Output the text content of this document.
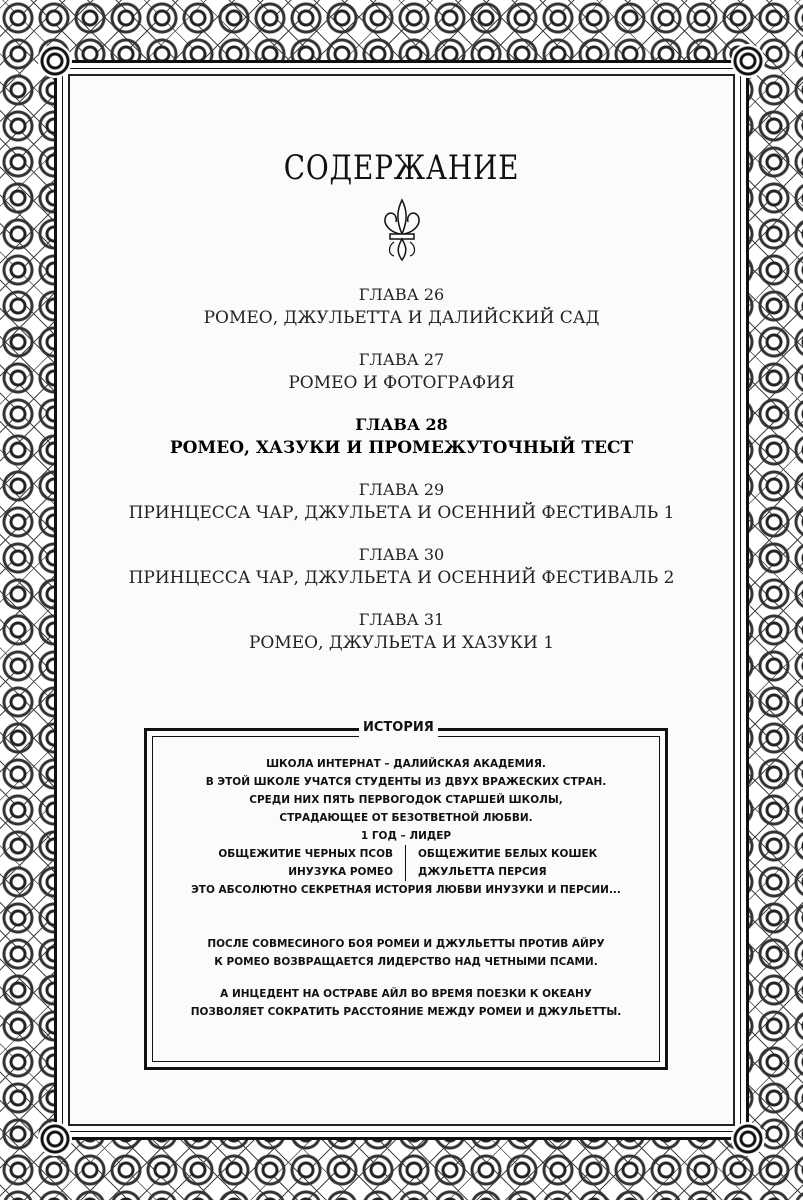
СОДЕРЖАНИЕ
ГЛАВА 26
РОМЕО, ДЖУЛЬЕТТА И ДАЛИЙСКИЙ САД
ГЛАВА 27
РОМЕО И ФОТОГРАФИЯ
ГЛАВА 28
РОМЕО, ХАЗУКИ И ПРОМЕЖУТОЧНЫЙ ТЕСТ
ГЛАВА 29
ПРИНЦЕССА ЧАР, ДЖУЛЬЕТА И ОСЕННИЙ ФЕСТИВАЛЬ 1
ГЛАВА 30
ПРИНЦЕССА ЧАР, ДЖУЛЬЕТА И ОСЕННИЙ ФЕСТИВАЛЬ 2
ГЛАВА 31
РОМЕО, ДЖУЛЬЕТА И ХАЗУКИ 1
ИСТОРИЯ
ШКОЛА ИНТЕРНАТ – ДАЛИЙСКАЯ АКАДЕМИЯ.
В ЭТОЙ ШКОЛЕ УЧАТСЯ СТУДЕНТЫ ИЗ ДВУХ ВРАЖЕСКИХ СТРАН.
СРЕДИ НИХ ПЯТЬ ПЕРВОГОДОК СТАРШЕЙ ШКОЛЫ,
СТРАДАЮЩЕЕ ОТ БЕЗОТВЕТНОЙ ЛЮБВИ.
1 ГОД – ЛИДЕР
ОБЩЕЖИТИЕ ЧЕРНЫХ ПСОВ
ИНУЗУКА РОМЕО
ОБЩЕЖИТИЕ БЕЛЫХ КОШЕК
ДЖУЛЬЕТТА ПЕРСИЯ
ЭТО АБСОЛЮТНО СЕКРЕТНАЯ ИСТОРИЯ ЛЮБВИ ИНУЗУКИ И ПЕРСИИ...
ПОСЛЕ СОВМЕСИНОГО БОЯ РОМЕИ И ДЖУЛЬЕТТЫ ПРОТИВ АЙРУ
К РОМЕО ВОЗВРАЩАЕТСЯ ЛИДЕРСТВО НАД ЧЕТНЫМИ ПСАМИ.
А ИНЦЕДЕНТ НА ОСТРАВЕ АЙЛ ВО ВРЕМЯ ПОЕЗКИ К ОКЕАНУ
ПОЗВОЛЯЕТ СОКРАТИТЬ РАССТОЯНИЕ МЕЖДУ РОМЕИ И ДЖУЛЬЕТТЫ.
